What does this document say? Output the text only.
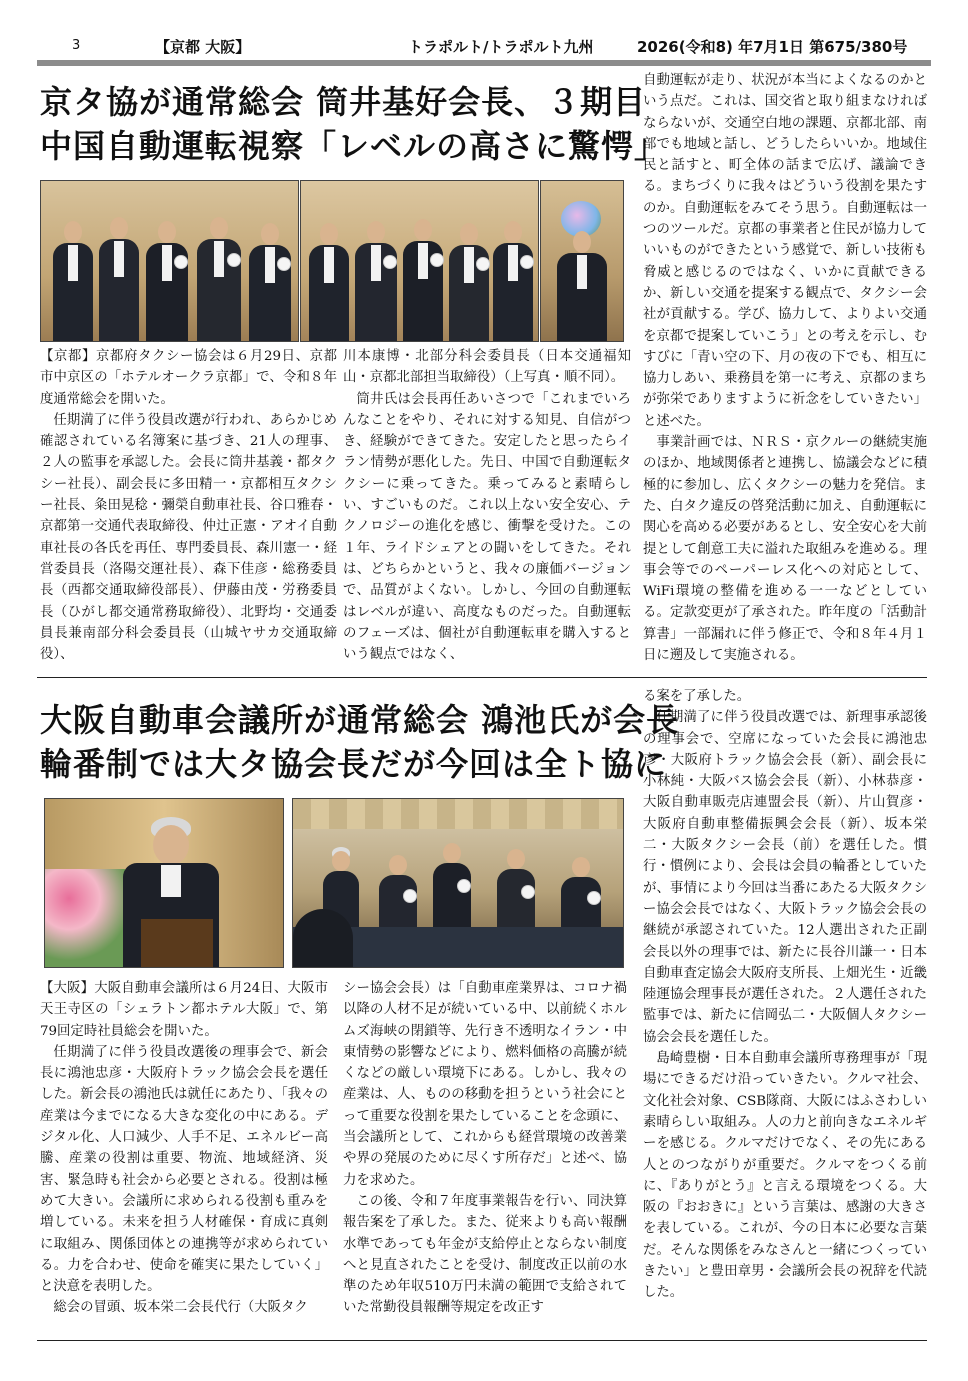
3	【京都 大阪】	トラポルト/トラポルト九州	2026(令和8) 年7月1日 第675/380号
京タ協が通常総会 筒井基好会長、３期目
中国自動運転視察「レベルの高さに驚愕」

【京都】京都府タクシー協会は６月29日、京都市中京区の「ホテルオークラ京都」で、令和８年度通常総会を開いた。

任期満了に伴う役員改選が行われ、あらかじめ確認されている名簿案に基づき、21人の理事、２人の監事を承認した。会長に筒井基義・都タクシー社長）、副会長に多田精一・京都相互タクシー社長、粂田晃稔・彌榮自動車社長、谷口雅春・京都第一交通代表取締役、仲辻正憲・アオイ自動車社長の各氏を再任、専門委員長、森川憲一・経営委員長（洛陽交運社長）、森下佳彦・総務委員長（西都交通取締役部長）、伊藤由茂・労務委員長（ひがし都交通常務取締役）、北野均・交通委員長兼南部分科会委員長（山城ヤサカ交通取締役）、

川本康博・北部分科会委員長（日本交通福知山・京都北部担当取締役）（上写真・順不同）。

筒井氏は会長再任あいさつで「これまでいろんなことをやり、それに対する知見、自信がつき、経験ができてきた。安定したと思ったらイラン情勢が悪化した。先日、中国で自動運転タクシーに乗ってきた。乗ってみると素晴らしい、すごいものだ。これ以上ない安全安心、テクノロジーの進化を感じ、衝撃を受けた。この１年、ライドシェアとの闘いをしてきた。それは、どちらかというと、我々の廉価バージョンで、品質がよくない。しかし、今回の自動運転はレベルが違い、高度なものだった。自動運転のフェーズは、個社が自動運転車を購入するという観点ではなく、

自動運転が走り、状況が本当によくなるのかという点だ。これは、国交省と取り組まなければならないが、交通空白地の課題、京都北部、南部でも地域と話し、どうしたらいいか。地域住民と話すと、町全体の話まで広げ、議論できる。まちづくりに我々はどういう役割を果たすのか。自動運転をみてそう思う。自動運転は一つのツールだ。京都の事業者と住民が協力していいものができたという感覚で、新しい技術も脅威と感じるのではなく、いかに貢献できるか、新しい交通を提案する観点で、タクシー会社が貢献する。学び、協力して、よりよい交通を京都で提案していこう」との考えを示し、むすびに「青い空の下、月の夜の下でも、相互に協力しあい、乗務員を第一に考え、京都のまちが弥栄でありますように祈念をしていきたい」と述べた。

事業計画では、ＮＲＳ・京クルーの継続実施のほか、地域関係者と連携し、協議会などに積極的に参加し、広くタクシーの魅力を発信。また、白タク違反の啓発活動に加え、自動運転に関心を高める必要があるとし、安全安心を大前提として創意工夫に溢れた取組みを進める。理事会等でのペーパーレス化への対応として、WiFi環境の整備を進める一一などとしている。定款変更が了承された。昨年度の「活動計算書」一部漏れに伴う修正で、令和８年４月１日に遡及して実施される。

大阪自動車会議所が通常総会 鴻池氏が会長
輪番制では大タ協会長だが今回は全ト協に

【大阪】大阪自動車会議所は６月24日、大阪市天王寺区の「シェラトン都ホテル大阪」で、第79回定時社員総会を開いた。

任期満了に伴う役員改選後の理事会で、新会長に鴻池忠彦・大阪府トラック協会会長を選任した。新会長の鴻池氏は就任にあたり、「我々の産業は今までになる大きな変化の中にある。デジタル化、人口減少、人手不足、エネルビー高騰、産業の役割は重要、物流、地域経済、災害、緊急時も社会から必要とされる。役割は極めて大きい。会議所に求められる役割も重みを増している。未来を担う人材確保・育成に真剣に取組み、関係団体との連携等が求められている。力を合わせ、使命を確実に果たしていく」と決意を表明した。

総会の冒頭、坂本栄二会長代行（大阪タク

シー協会会長）は「自動車産業界は、コロナ禍以降の人材不足が続いている中、以前続くホルムズ海峡の閉鎖等、先行き不透明なイラン・中東情勢の影響などにより、燃料価格の高騰が続くなどの厳しい環境下にある。しかし、我々の産業は、人、ものの移動を担うという社会にとって重要な役割を果たしていることを念頭に、当会議所として、これからも経営環境の改善業や界の発展のために尽くす所存だ」と述べ、協力を求めた。

この後、令和７年度事業報告を行い、同決算報告案を了承した。また、従来よりも高い報酬水準であっても年金が支給停止とならない制度へと見直されたことを受け、制度改正以前の水準のため年収510万円未満の範囲で支給されていた常勤役員報酬等規定を改正す

る案を了承した。

任期満了に伴う役員改選では、新理事承認後の理事会で、空席になっていた会長に鴻池忠彦・大阪府トラック協会会長（新）、副会長に小林純・大阪バス協会会長（新）、小林恭彦・大阪自動車販売店連盟会長（新）、片山賀彦・大阪府自動車整備振興会会長（新）、坂本栄二・大阪タクシー会長（前）を選任した。慣行・慣例により、会長は会員の輪番としていたが、事情により今回は当番にあたる大阪タクシー協会会長ではなく、大阪トラック協会会長の継続が承認されていた。12人選出された正副会長以外の理事では、新たに長谷川謙一・日本自動車査定協会大阪府支所長、上畑光生・近畿陸運協会理事長が選任された。２人選任された監事では、新たに信岡弘二・大阪個人タクシー協会会長を選任した。

島崎豊樹・日本自動車会議所専務理事が「現場にできるだけ沿っていきたい。クルマ社会、文化社会対象、CSB隊商、大阪にはふさわしい素晴らしい取組み。人の力と前向きなエネルギーを感じる。クルマだけでなく、その先にある人とのつながりが重要だ。クルマをつくる前に、『ありがとう』と言える環境をつくる。大阪の『おおきに』という言葉は、感謝の大きさを表している。これが、今の日本に必要な言葉だ。そんな関係をみなさんと一緒につくっていきたい」と豊田章男・会議所会長の祝辞を代読した。
